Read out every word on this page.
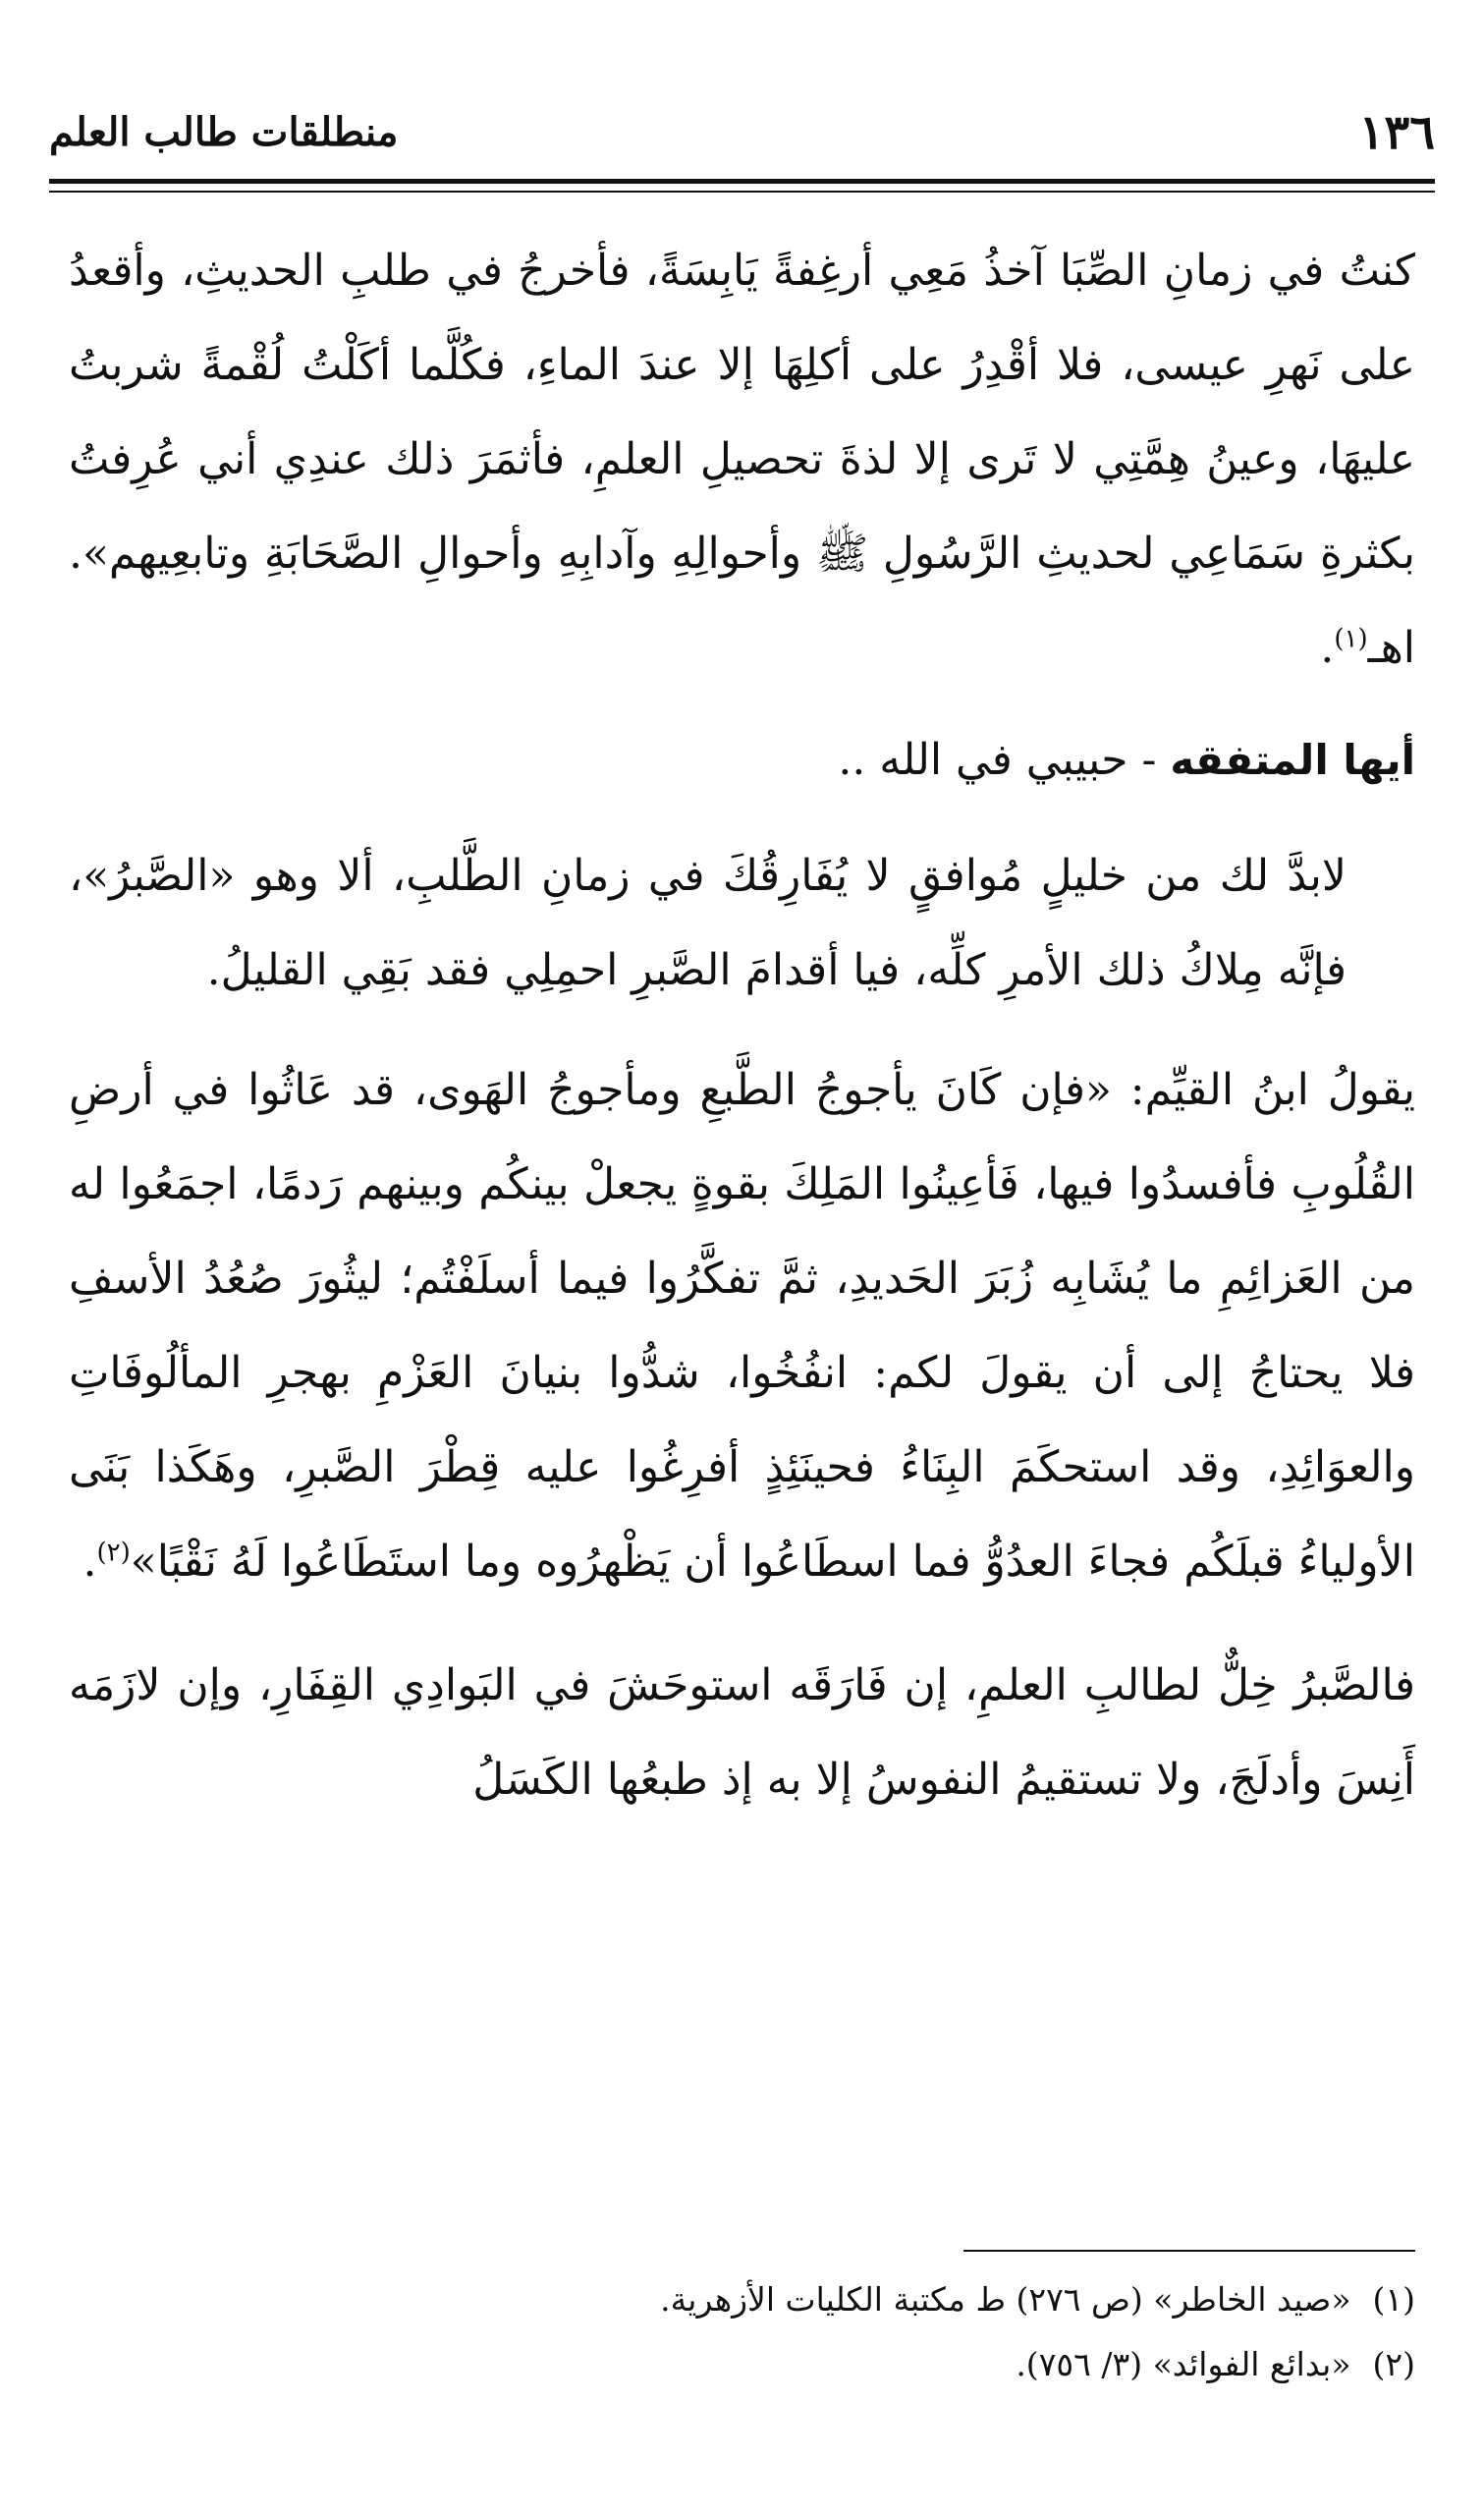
١٣٦
منطلقات طالب العلم

كنتُ في زمانِ الصِّبَا آخذُ مَعِي أرغِفةً يَابِسَةً، فأخرجُ في طلبِ الحديثِ، وأقعدُ على نَهرِ عيسى، فلا أقْدِرُ على أكلِهَا إلا عندَ الماءِ، فكُلَّما أكَلْتُ لُقْمةً شربتُ عليهَا، وعينُ هِمَّتِي لا تَرى إلا لذةَ تحصيلِ العلمِ، فأثمَرَ ذلك عندِي أني عُرِفتُ بكثرةِ سَمَاعِي لحديثِ الرَّسُولِ ﷺ وأحوالِهِ وآدابِهِ وأحوالِ الصَّحَابَةِ وتابعِيهم». اهـ$^{(١)}$.

أيها المتفقه - حبيبي في الله ..

لابدَّ لك من خليلٍ مُوافقٍ لا يُفَارِقُكَ في زمانِ الطَّلبِ، ألا وهو «الصَّبرُ»، فإنَّه مِلاكُ ذلك الأمرِ كلِّه، فيا أقدامَ الصَّبرِ احمِلِي فقد بَقِي القليلُ.

يقولُ ابنُ القيِّم: «فإن كَانَ يأجوجُ الطَّبعِ ومأجوجُ الهَوى، قد عَاثُوا في أرضِ القُلُوبِ فأفسدُوا فيها، فَأعِينُوا المَلِكَ بقوةٍ يجعلْ بينكُم وبينهم رَدمًا، اجمَعُوا له من العَزائِمِ ما يُشَابِه زُبَرَ الحَديدِ، ثمَّ تفكَّرُوا فيما أسلَفْتُم؛ ليثُورَ صُعُدُ الأسفِ فلا يحتاجُ إلى أن يقولَ لكم: انفُخُوا، شدُّوا بنيانَ العَزْمِ بهجرِ المألُوفَاتِ والعوَائِدِ، وقد استحكَمَ البِنَاءُ فحينَئِذٍ أفرِغُوا عليه قِطْرَ الصَّبرِ، وهَكَذا بَنَى الأولياءُ قبلَكُم فجاءَ العدُوُّ فما اسطَاعُوا أن يَظْهرُوه وما استَطَاعُوا لَهُ نَقْبًا»$^{(٢)}$.

فالصَّبرُ خِلٌّ لطالبِ العلمِ، إن فَارَقَه استوحَشَ في البَوادِي القِفَارِ، وإن لازَمَه أَنِسَ وأدلَجَ، ولا تستقيمُ النفوسُ إلا به إذ طبعُها الكَسَلُ

(١)«صيد الخاطر» (ص ٢٧٦) ط مكتبة الكليات الأزهرية.

(٢)«بدائع الفوائد» (٣/ ٧٥٦).
